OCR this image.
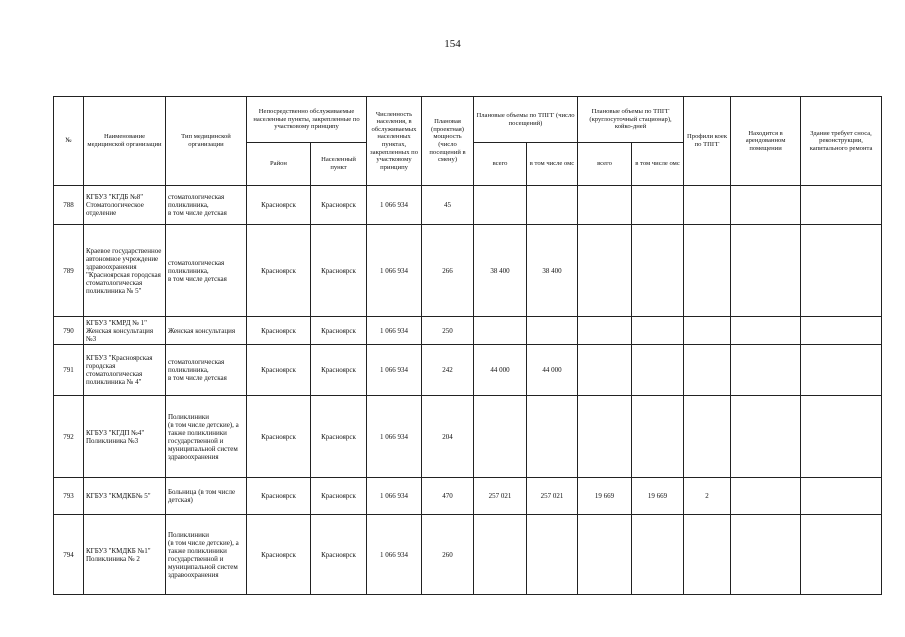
154
№	Наименование медицинской организации	Тип медицинской организации	Непосредственно обслуживаемые населенные пункты, закрепленные по участковому принципу		Численность населения, в обслуживаемых населенных пунктах, закрепленных по участковому принципу	Плановая (проектная) мощность (число посещений в смену)	Плановые объемы по ТПГГ (число посещений)		Плановые объемы по ТПГГ (круглосуточный стационар), койко-дней		Профили коек по ТПГГ	Находится в арендованном помещении	Здание требует сноса, реконструкции, капитального ремонта
			Район	Населенный пункт			всего	в том числе омс	всего	в том числе омс			
788	КГБУЗ "КГДБ №8" Стоматологическое отделение	стоматологическая поликлиника,
в том числе детская	Красноярск	Красноярск	1 066 934	45							
789	Краевое государственное автономное учреждение здравоохранения "Красноярская городская стоматологическая поликлиника № 5"	стоматологическая поликлиника,
в том числе детская	Красноярск	Красноярск	1 066 934	266	38 400	38 400					
790	КГБУЗ "КМРД № 1" Женская консультация №3	Женская консультация	Красноярск	Красноярск	1 066 934	250							
791	КГБУЗ "Красноярская городская стоматологическая поликлиника № 4"	стоматологическая поликлиника,
в том числе детская	Красноярск	Красноярск	1 066 934	242	44 000	44 000					
792	КГБУЗ "КГДП №4" Поликлиника №3	Поликлиники
(в том числе детские), а также поликлиники государственной и муниципальной систем здравоохранения	Красноярск	Красноярск	1 066 934	204							
793	КГБУЗ "КМДКБ№ 5"	Больница (в том числе детская)	Красноярск	Красноярск	1 066 934	470	257 021	257 021	19 669	19 669	2		
794	КГБУЗ "КМДКБ №1" Поликлиника № 2	Поликлиники
(в том числе детские), а также поликлиники государственной и муниципальной систем здравоохранения	Красноярск	Красноярск	1 066 934	260							
